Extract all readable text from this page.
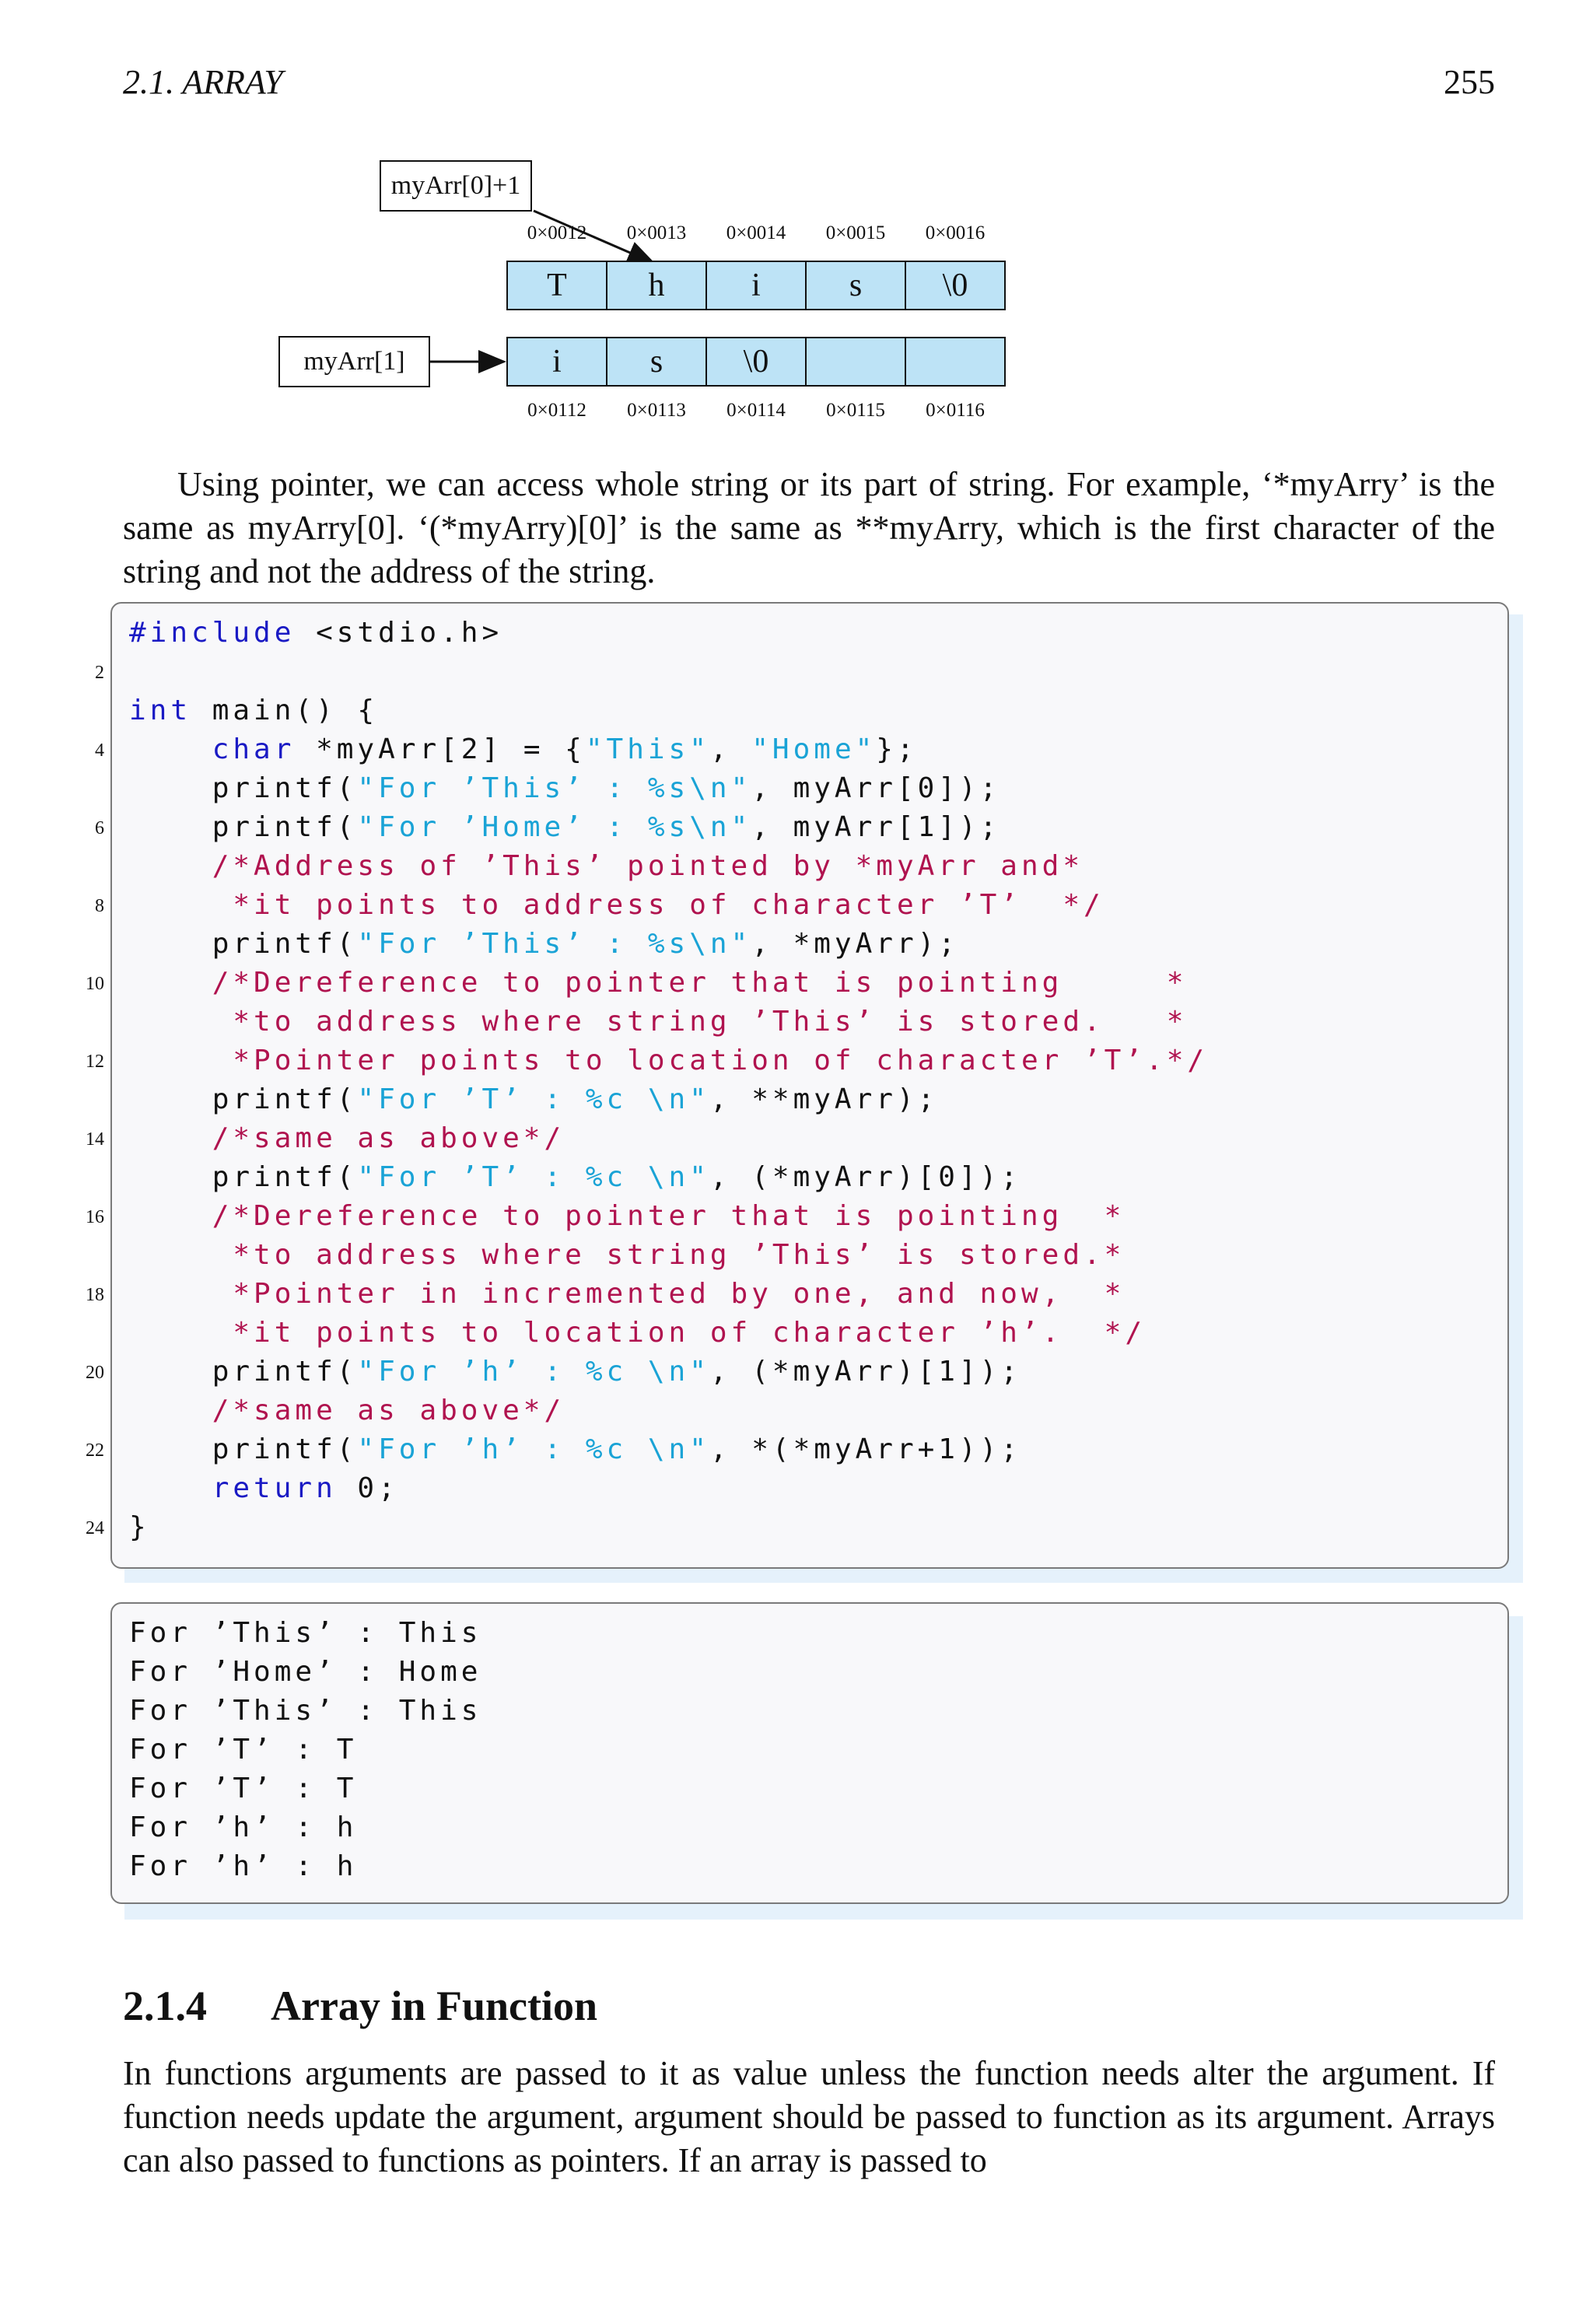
2.1. ARRAY	255
myArr[0]+1
myArr[1]
0×0012	0×0013	0×0014	0×0015	0×0016
T	h	i	s	\0
i	s	\0
0×0112	0×0113	0×0114	0×0115	0×0116

Using pointer, we can access whole string or its part of string. For example, ‘*myArry’ is the same as myArry[0]. ‘(*myArry)[0]’ is the same as **myArry, which is the first character of the string and not the address of the string.

#include <stdio.h>
int main() {
char *myArr[2] = {"This", "Home"};
printf("For ’This’ : %s\n", myArr[0]);
printf("For ’Home’ : %s\n", myArr[1]);
/*Address of ’This’ pointed by *myArr and*
*it points to address of character ’T’  */
printf("For ’This’ : %s\n", *myArr);
/*Dereference to pointer that is pointing     *
*to address where string ’This’ is stored.   *
*Pointer points to location of character ’T’.*/
printf("For ’T’ : %c \n", **myArr);
/*same as above*/
printf("For ’T’ : %c \n", (*myArr)[0]);
/*Dereference to pointer that is pointing  *
*to address where string ’This’ is stored.*
*Pointer in incremented by one, and now,  *
*it points to location of character ’h’.  */
printf("For ’h’ : %c \n", (*myArr)[1]);
/*same as above*/
printf("For ’h’ : %c \n", *(*myArr+1));
return 0;
}
2
4
6
8
10
12
14
16
18
20
22
24
For ’This’ : This
For ’Home’ : Home
For ’This’ : This
For ’T’ : T
For ’T’ : T
For ’h’ : h
For ’h’ : h
2.1.4 Array in Function

In functions arguments are passed to it as value unless the function needs alter the argument. If function needs update the argument, argument should be passed to function as its argument. Arrays can also passed to functions as pointers. If an array is passed to
